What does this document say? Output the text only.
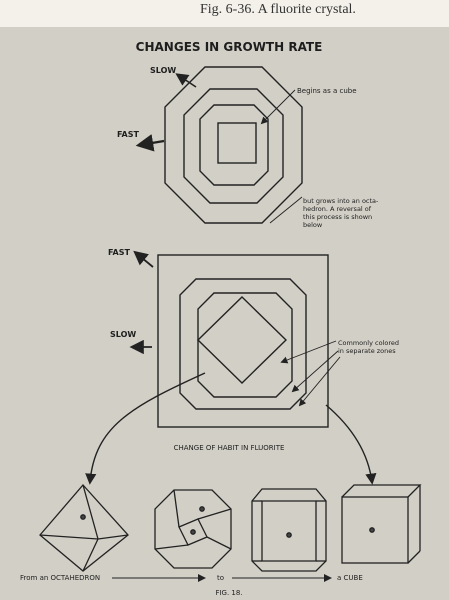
Fig. 6-36. A fluorite crystal.
CHANGES IN GROWTH RATE
SLOW
FAST
Begins as a cube
but grows into an octa-
hedron. A reversal of
this process is shown
below
FAST
SLOW
Commonly colored
in separate zones
CHANGE OF HABIT IN FLUORITE
From an OCTAHEDRON	to	a CUBE
FIG. 18.
